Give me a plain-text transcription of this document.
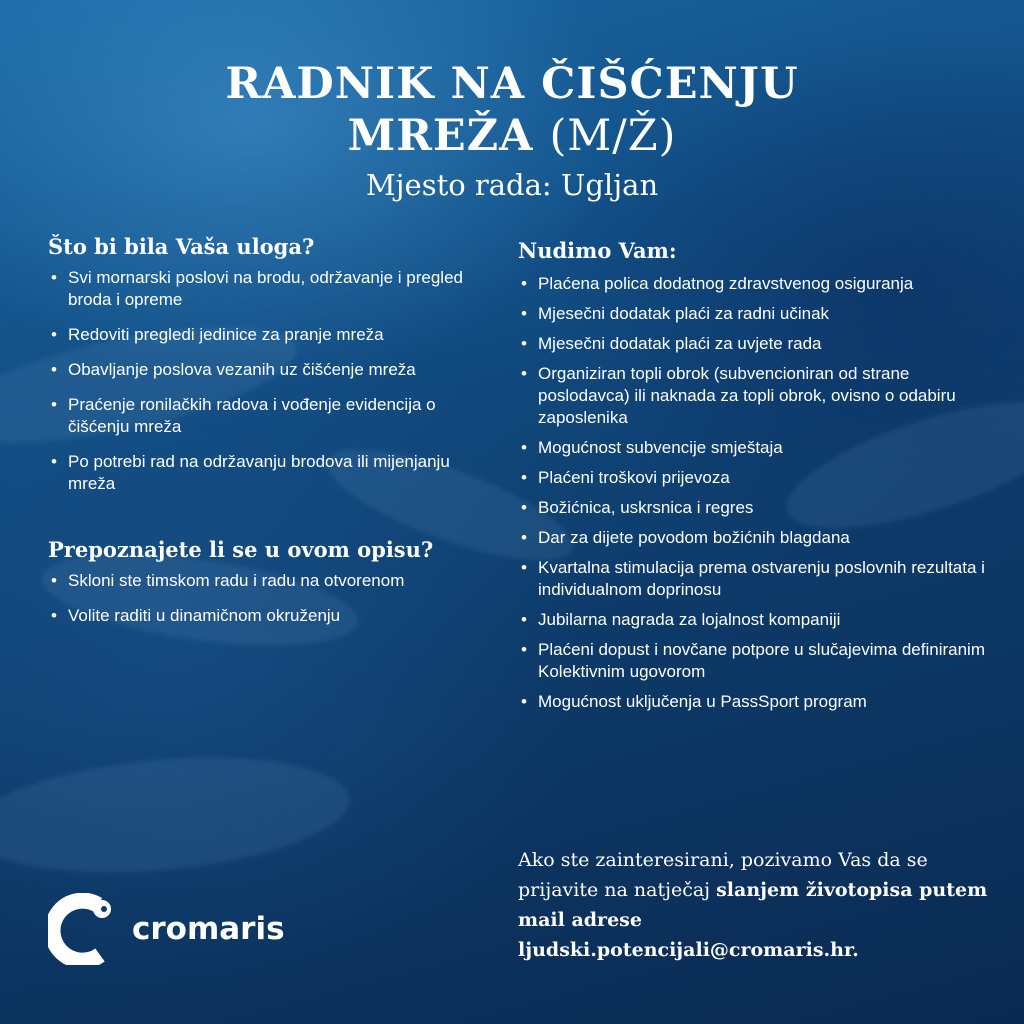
RADNIK NA ČIŠĆENJU
MREŽA (M/Ž)
Mjesto rada: Ugljan
Što bi bila Vaša uloga?
• Svi mornarski poslovi na brodu, održavanje i pregled broda i opreme
• Redoviti pregledi jedinice za pranje mreža
• Obavljanje poslova vezanih uz čišćenje mreža
• Praćenje ronilačkih radova i vođenje evidencija o čišćenju mreža
• Po potrebi rad na održavanju brodova ili mijenjanju mreža
Prepoznajete li se u ovom opisu?
• Skloni ste timskom radu i radu na otvorenom
• Volite raditi u dinamičnom okruženju
Nudimo Vam:
• Plaćena polica dodatnog zdravstvenog osiguranja
• Mjesečni dodatak plaći za radni učinak
• Mjesečni dodatak plaći za uvjete rada
• Organiziran topli obrok (subvencioniran od strane poslodavca) ili naknada za topli obrok, ovisno o odabiru zaposlenika
• Mogućnost subvencije smještaja
• Plaćeni troškovi prijevoza
• Božićnica, uskrsnica i regres
• Dar za dijete povodom božićnih blagdana
• Kvartalna stimulacija prema ostvarenju poslovnih rezultata i individualnom doprinosu
• Jubilarna nagrada za lojalnost kompaniji
• Plaćeni dopust i novčane potpore u slučajevima definiranim Kolektivnim ugovorom
• Mogućnost uključenja u PassSport program
Ako ste zainteresirani, pozivamo Vas da se prijavite na natječaj slanjem životopisa putem mail adrese ljudski.potencijali@cromaris.hr.
cromaris
